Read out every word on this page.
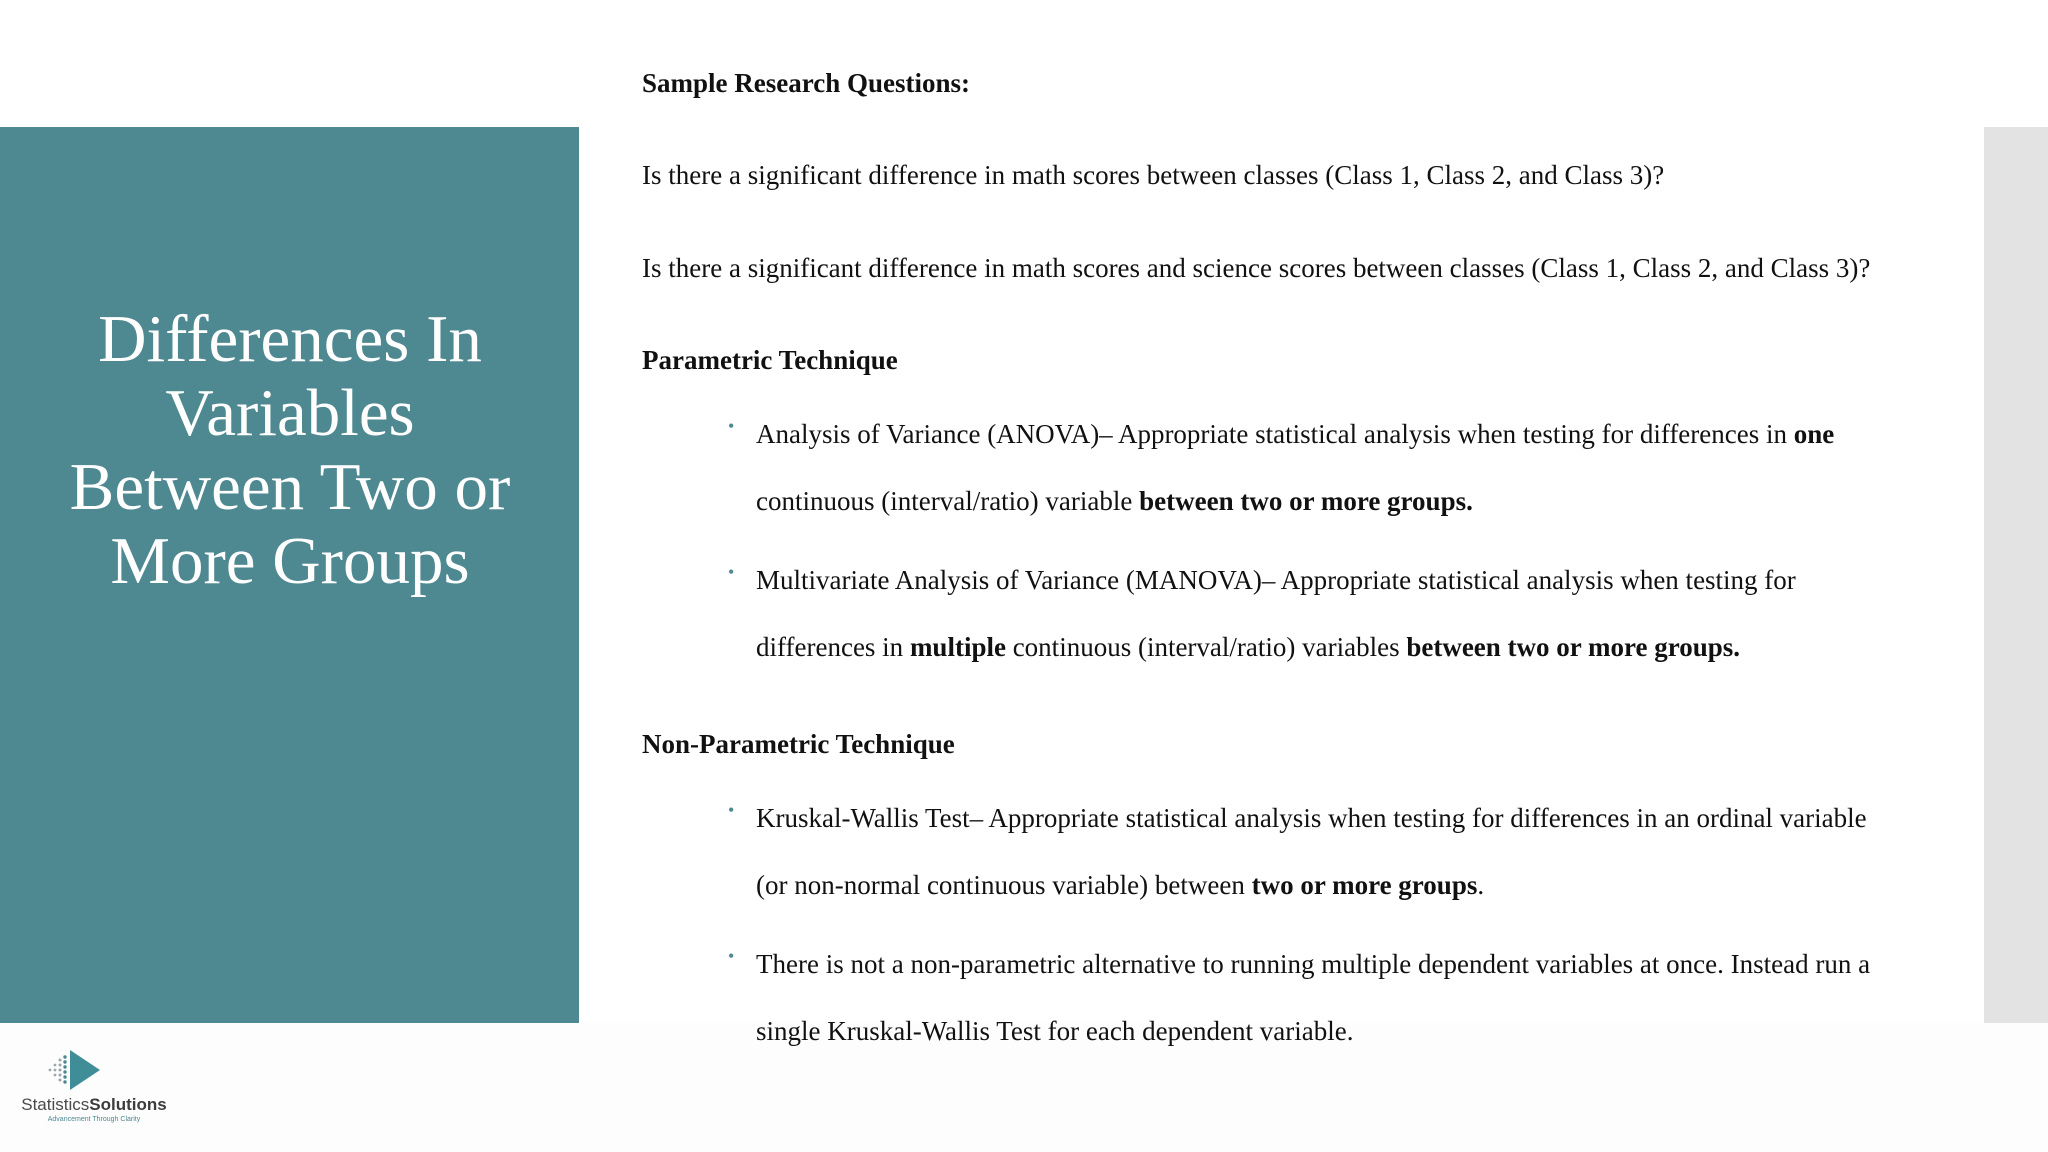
Differences In
Variables
Between Two or
More Groups
Sample Research Questions:
Is there a significant difference in math scores between classes (Class 1, Class 2, and Class 3)?
Is there a significant difference in math scores and science scores between classes (Class 1, Class 2, and Class 3)?
Parametric Technique
• Analysis of Variance (ANOVA)– Appropriate statistical analysis when testing for differences in one
continuous (interval/ratio) variable between two or more groups.
• Multivariate Analysis of Variance (MANOVA)– Appropriate statistical analysis when testing for
differences in multiple continuous (interval/ratio) variables between two or more groups.
Non-Parametric Technique
• Kruskal-Wallis Test– Appropriate statistical analysis when testing for differences in an ordinal variable
(or non-normal continuous variable) between two or more groups.
• There is not a non-parametric alternative to running multiple dependent variables at once. Instead run a
single Kruskal-Wallis Test for each dependent variable.
StatisticsSolutions
Advancement Through Clarity
